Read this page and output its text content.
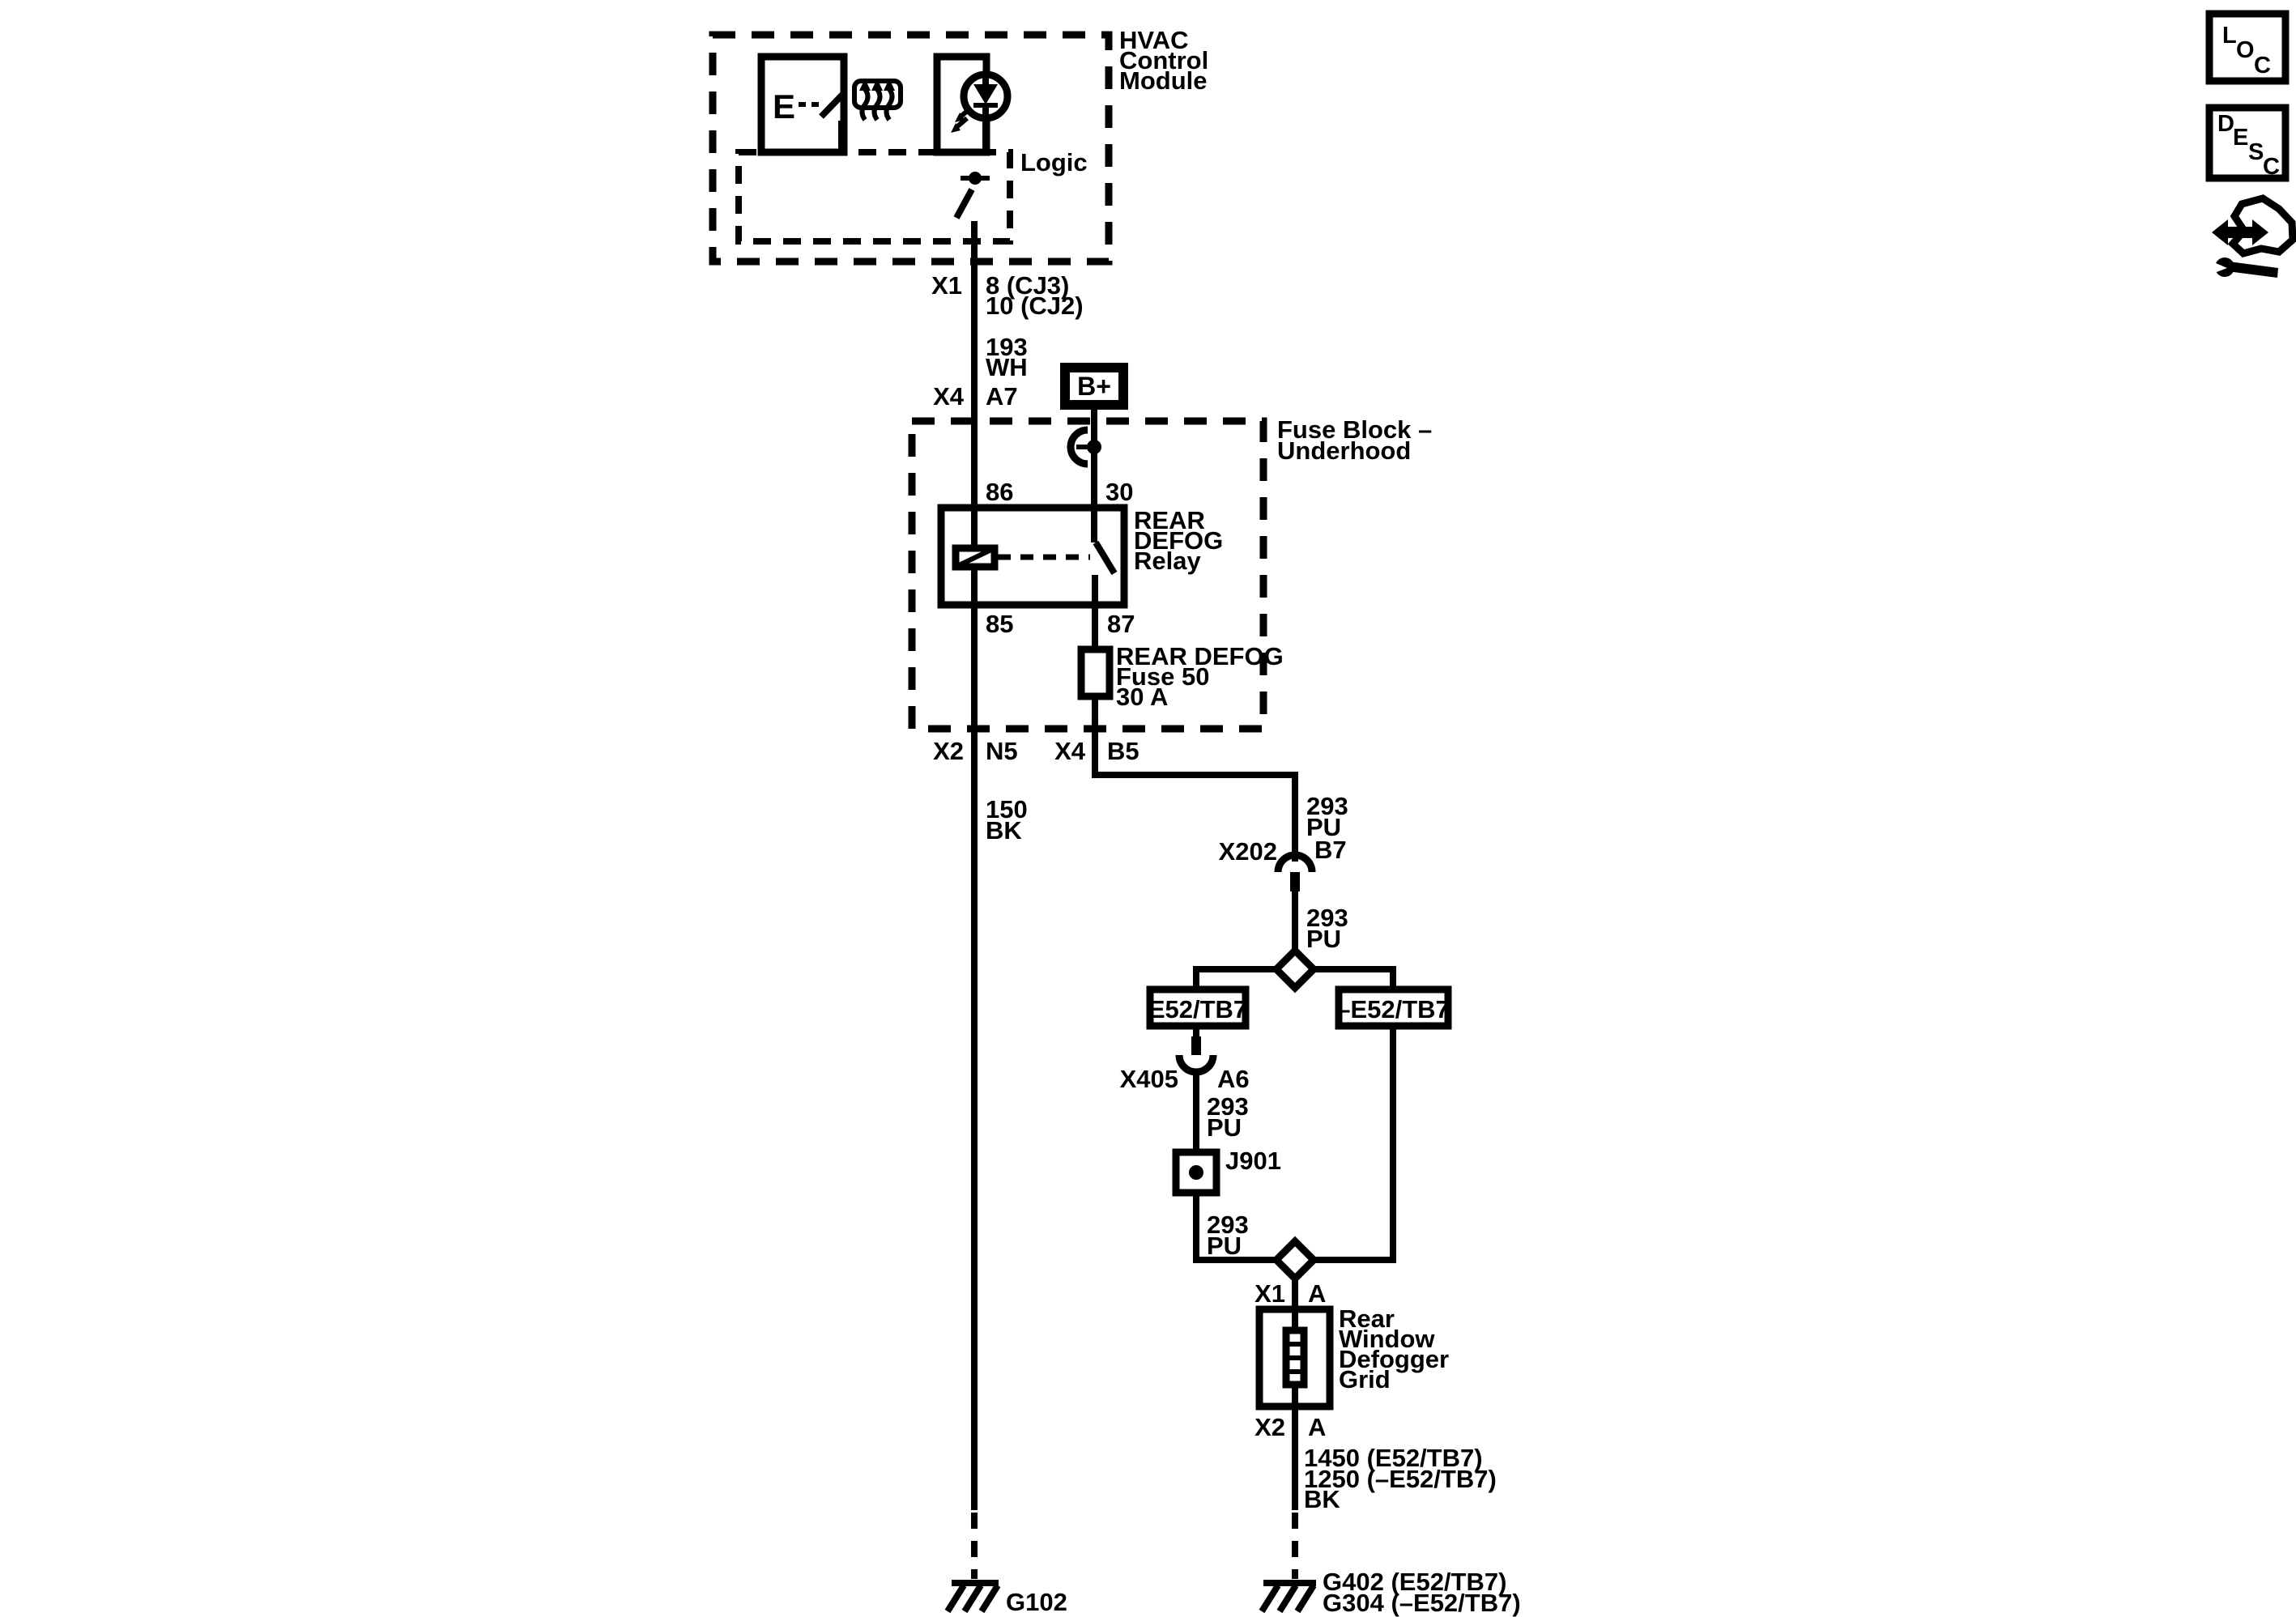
HVAC
Control
Module
E
Logic
X1 8 (CJ3)
10 (CJ2)
193
WH
X4 A7 B+
Fuse Block –
Underhood
86	30
REAR
DEFOG
Relay
85	87
REAR DEFOG
Fuse 50
30 A
X2 N5 X4 B5
150
BK
293
PU
X202 B7
293
PU
E52/TB7	–E52/TB7
X405 A6
293
PU
J901
293
PU
X1 A
Rear
Window
Defogger
Grid
X2 A
1450 (E52/TB7)
1250 (–E52/TB7)
BK
G102
G402 (E52/TB7)
G304 (–E52/TB7)
L
O
C
D
E
S
C
